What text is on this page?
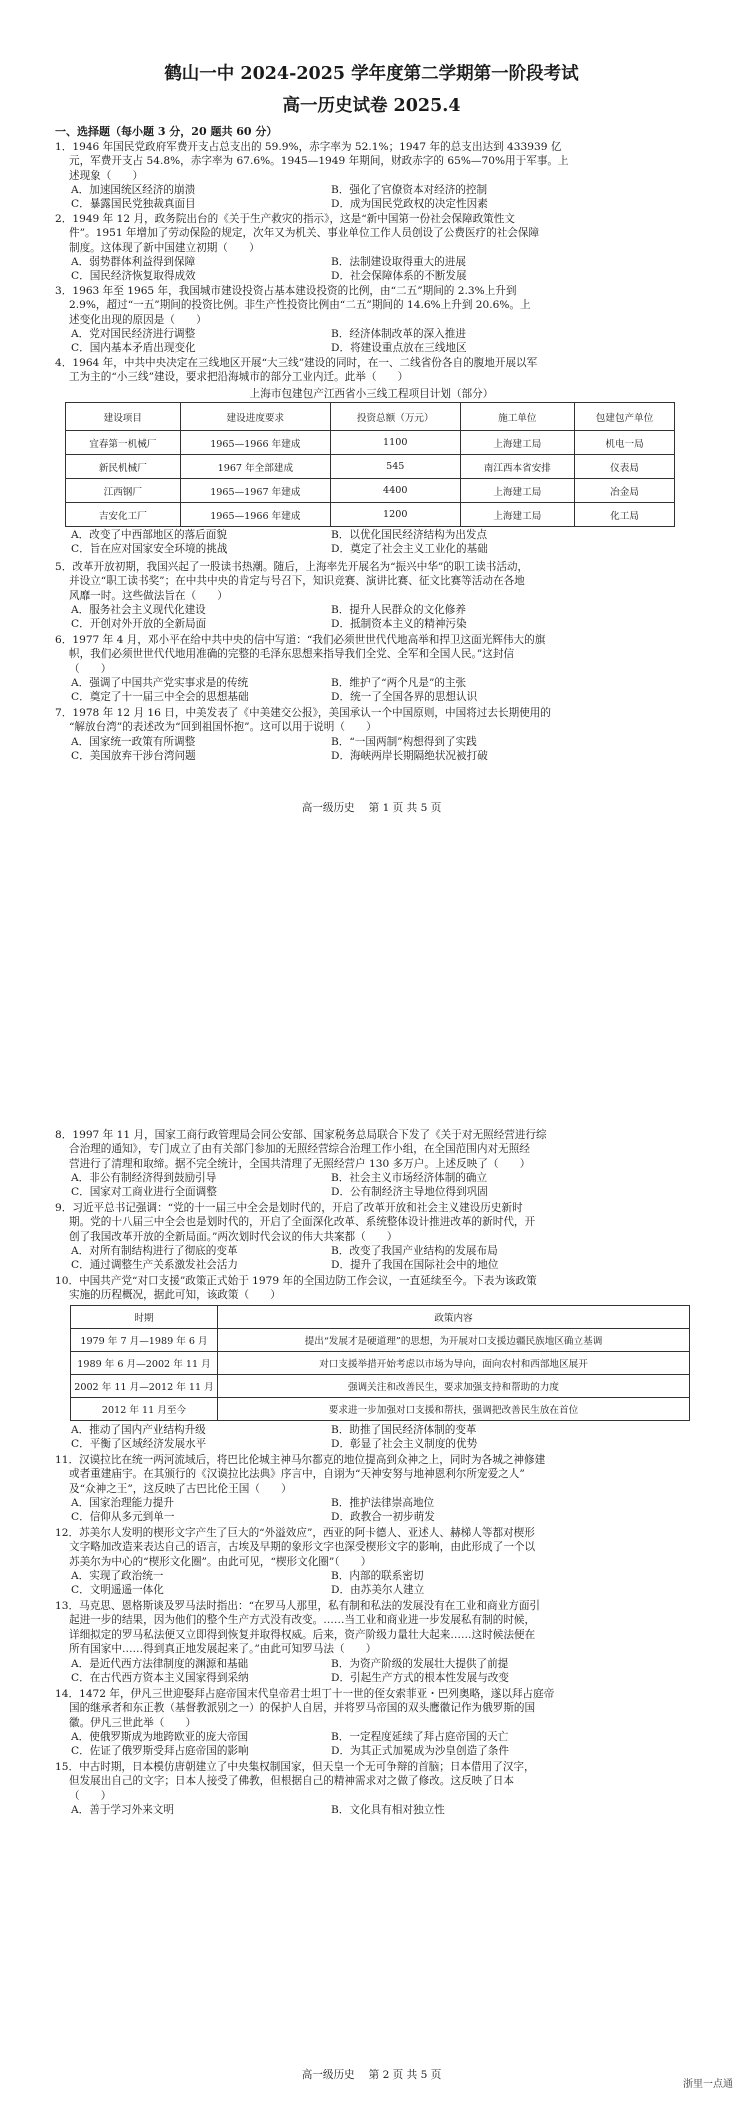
鹤山一中 2024-2025 学年度第二学期第一阶段考试
高一历史试卷 2025.4
一、选择题（每小题 3 分，20 题共 60 分）
1．1946 年国民党政府军费开支占总支出的 59.9%，赤字率为 52.1%；1947 年的总支出达到 433939 亿
元，军费开支占 54.8%，赤字率为 67.6%。1945—1949 年期间，财政赤字的 65%—70%用于军事。上
述现象（　　）
A．加速国统区经济的崩溃	B．强化了官僚资本对经济的控制
C．暴露国民党独裁真面目	D．成为国民党政权的决定性因素
2．1949 年 12 月，政务院出台的《关于生产救灾的指示》，这是“新中国第一份社会保障政策性文
件”。1951 年增加了劳动保险的规定，次年又为机关、事业单位工作人员创设了公费医疗的社会保障
制度。这体现了新中国建立初期（　　）
A．弱势群体利益得到保障	B．法制建设取得重大的进展
C．国民经济恢复取得成效	D．社会保障体系的不断发展
3．1963 年至 1965 年，我国城市建设投资占基本建设投资的比例，由“二五”期间的 2.3%上升到
2.9%，超过“一五”期间的投资比例。非生产性投资比例由“二五”期间的 14.6%上升到 20.6%。上
述变化出现的原因是（　　）
A．党对国民经济进行调整	B．经济体制改革的深入推进
C．国内基本矛盾出现变化	D．将建设重点放在三线地区
4．1964 年，中共中央决定在三线地区开展“大三线”建设的同时，在一、二线省份各自的腹地开展以军
工为主的“小三线”建设，要求把沿海城市的部分工业内迁。此举（　　）
上海市包建包产江西省小三线工程项目计划（部分）
建设项目	建设进度要求	投资总额（万元）	施工单位	包建包产单位
宜春第一机械厂	1965—1966 年建成	1100	上海建工局	机电一局
新民机械厂	1967 年全部建成	545	南江西本省安排	仪表局
江西钢厂	1965—1967 年建成	4400	上海建工局	冶金局
吉安化工厂	1965—1966 年建成	1200	上海建工局	化工局
A．改变了中西部地区的落后面貌	B．以优化国民经济结构为出发点
C．旨在应对国家安全环境的挑战	D．奠定了社会主义工业化的基础
5．改革开放初期，我国兴起了一股读书热潮。随后，上海率先开展名为“振兴中华”的职工读书活动，
并设立“职工读书奖”；在中共中央的肯定与号召下，知识竞赛、演讲比赛、征文比赛等活动在各地
风靡一时。这些做法旨在（　　）
A．服务社会主义现代化建设	B．提升人民群众的文化修养
C．开创对外开放的全新局面	D．抵制资本主义的精神污染
6．1977 年 4 月，邓小平在给中共中央的信中写道：“我们必须世世代代地高举和捍卫这面光辉伟大的旗
帜，我们必须世世代代地用准确的完整的毛泽东思想来指导我们全党、全军和全国人民。”这封信
（　　）
A．强调了中国共产党实事求是的传统	B．维护了“两个凡是”的主张
C．奠定了十一届三中全会的思想基础	D．统一了全国各界的思想认识
7．1978 年 12 月 16 日，中美发表了《中美建交公报》，美国承认一个中国原则，中国将过去长期使用的
“解放台湾”的表述改为“回到祖国怀抱”。这可以用于说明（　　）
A．国家统一政策有所调整	B．“一国两制”构想得到了实践
C．美国放弃干涉台湾问题	D．海峡两岸长期隔绝状况被打破
高一级历史　 第 1 页 共 5 页
8．1997 年 11 月，国家工商行政管理局会同公安部、国家税务总局联合下发了《关于对无照经营进行综
合治理的通知》，专门成立了由有关部门参加的无照经营综合治理工作小组，在全国范围内对无照经
营进行了清理和取缔。据不完全统计，全国共清理了无照经营户 130 多万户。上述反映了（　　）
A．非公有制经济得到鼓励引导	B．社会主义市场经济体制的确立
C．国家对工商业进行全面调整	D．公有制经济主导地位得到巩固
9．习近平总书记强调：“党的十一届三中全会是划时代的，开启了改革开放和社会主义建设历史新时
期。党的十八届三中全会也是划时代的，开启了全面深化改革、系统整体设计推进改革的新时代，开
创了我国改革开放的全新局面。”两次划时代会议的伟大共案都（　　）
A．对所有制结构进行了彻底的变革	B．改变了我国产业结构的发展布局
C．通过调整生产关系激发社会活力	D．提升了我国在国际社会中的地位
10．中国共产党“对口支援”政策正式始于 1979 年的全国边防工作会议，一直延续至今。下表为该政策
实施的历程概况，据此可知，该政策（　　）
时期	政策内容
1979 年 7 月—1989 年 6 月	提出“发展才是硬道理”的思想，为开展对口支援边疆民族地区确立基调
1989 年 6 月—2002 年 11 月	对口支援举措开始考虑以市场为导向，面向农村和西部地区展开
2002 年 11 月—2012 年 11 月	强调关注和改善民生，要求加强支持和帮助的力度
2012 年 11 月至今	要求进一步加强对口支援和帮扶，强调把改善民生放在首位
A．推动了国内产业结构升级	B．助推了国民经济体制的变革
C．平衡了区域经济发展水平	D．彰显了社会主义制度的优势
11．汉谟拉比在统一两河流域后，将巴比伦城主神马尔都克的地位提高到众神之上，同时为各城之神修建
或者重建庙宇。在其颁行的《汉谟拉比法典》序言中，自诩为“天神安努与地神恩利尔所宠爱之人”
及“众神之王”，这反映了古巴比伦王国（　　）
A．国家治理能力提升	B．推护法律崇高地位
C．信仰从多元到单一	D．政教合一初步萌发
12．苏美尔人发明的楔形文字产生了巨大的“外溢效应”，西亚的阿卡德人、亚述人、赫梯人等都对楔形
文字略加改造来表达自己的语言，古埃及早期的象形文字也深受楔形文字的影响，由此形成了一个以
苏美尔为中心的“楔形文化圈”。由此可见，“楔形文化圈”（　　）
A．实现了政治统一	B．内部的联系密切
C．文明遥遥一体化	D．由苏美尔人建立
13．马克思、恩格斯谈及罗马法时指出：“在罗马人那里，私有制和私法的发展没有在工业和商业方面引
起进一步的结果，因为他们的整个生产方式没有改变。……当工业和商业进一步发展私有制的时候，
详细拟定的罗马私法便又立即得到恢复并取得权威。后来，资产阶级力量壮大起来……这时候法便在
所有国家中……得到真正地发展起来了。”由此可知罗马法（　　）
A．是近代西方法律制度的渊源和基础	B．为资产阶级的发展壮大提供了前提
C．在古代西方资本主义国家得到采纳	D．引起生产方式的根本性发展与改变
14．1472 年，伊凡三世迎娶拜占庭帝国末代皇帝君士坦丁十一世的侄女索菲亚・巴列奥略，遂以拜占庭帝
国的继承者和东正教（基督教派别之一）的保护人自居，并将罗马帝国的双头鹰徽记作为俄罗斯的国
徽。伊凡三世此举（　　）
A．使俄罗斯成为地跨欧亚的庞大帝国	B．一定程度延续了拜占庭帝国的天亡
C．佐证了俄罗斯受拜占庭帝国的影响	D．为其正式加冕成为沙皇创造了条件
15．中古时期，日本模仿唐朝建立了中央集权制国家，但天皇一个无可争辩的首脑；日本借用了汉字，
但发展出自己的文字；日本人接受了佛教，但根据自己的精神需求对之做了修改。这反映了日本
（　　）
A．善于学习外来文明	B．文化具有相对独立性
高一级历史　 第 2 页 共 5 页
浙里一点通
